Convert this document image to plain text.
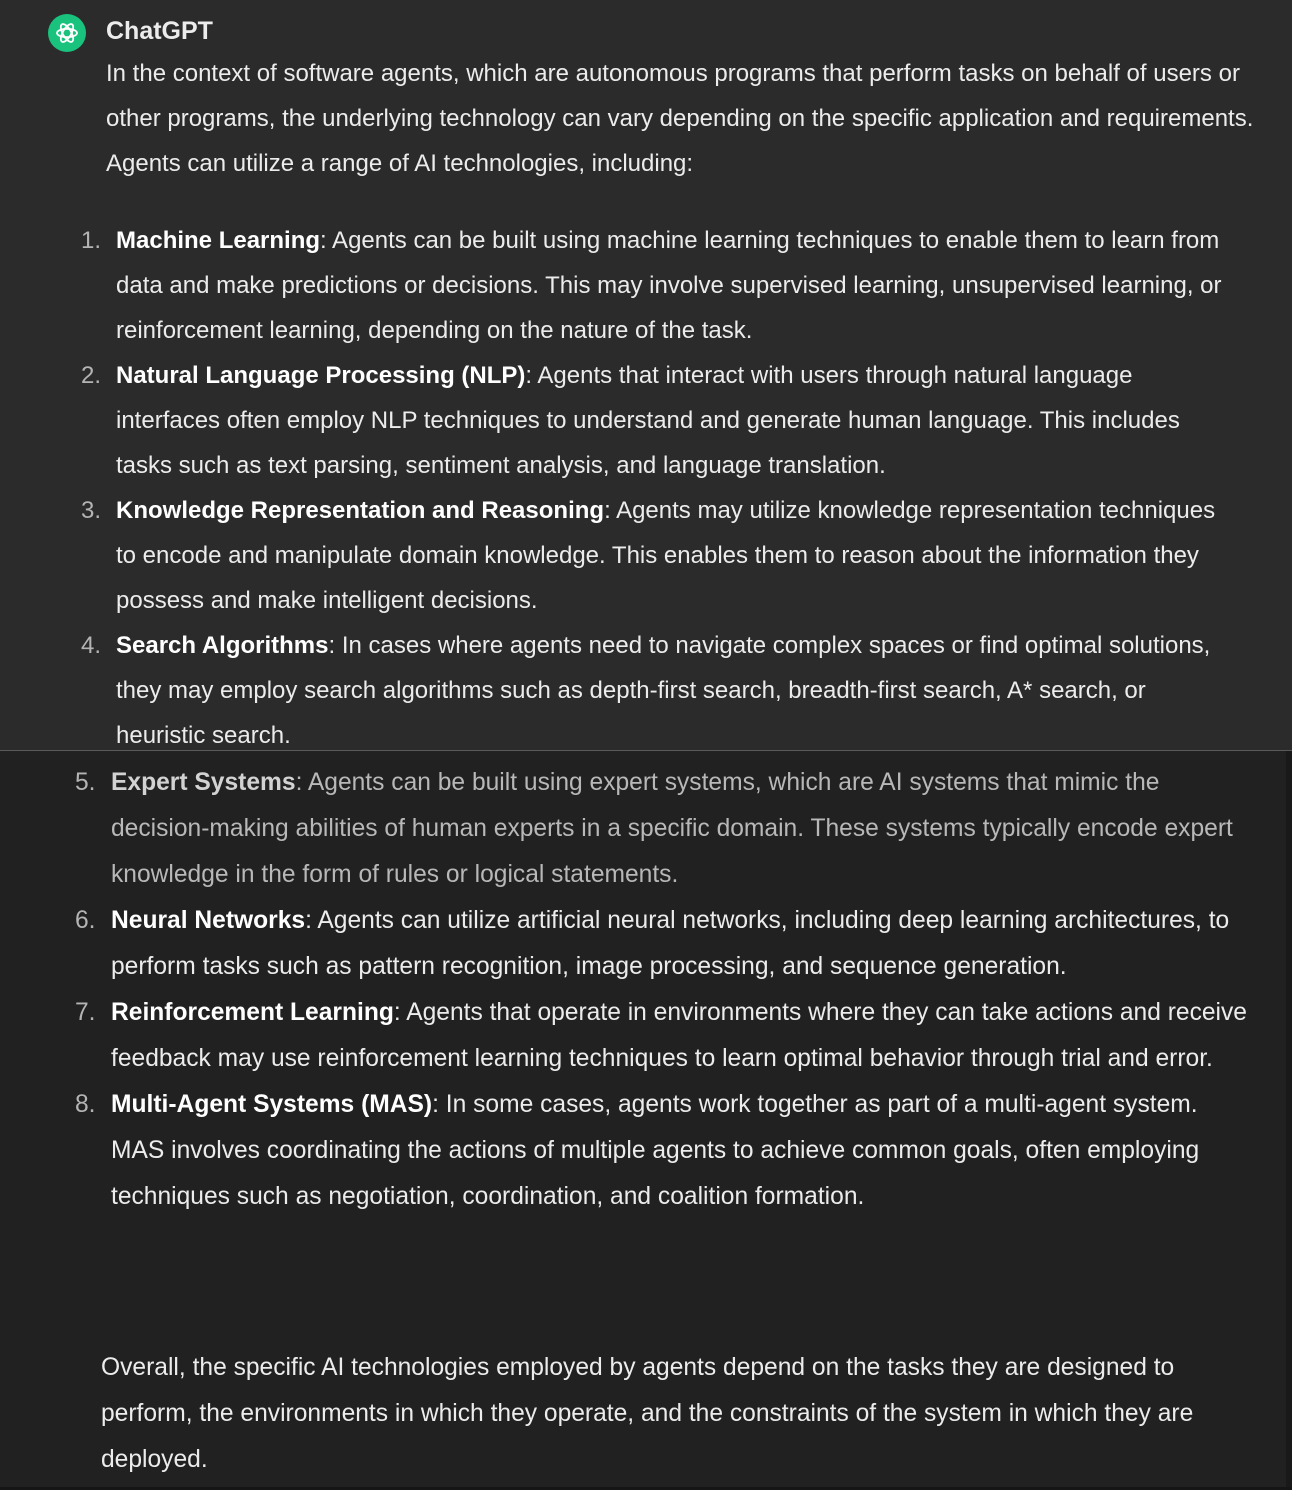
ChatGPT

In the context of software agents, which are autonomous programs that perform tasks on behalf of users or other programs, the underlying technology can vary depending on the specific application and requirements. Agents can utilize a range of AI technologies, including:

1. Machine Learning: Agents can be built using machine learning techniques to enable them to learn from data and make predictions or decisions. This may involve supervised learning, unsupervised learning, or reinforcement learning, depending on the nature of the task.
2. Natural Language Processing (NLP): Agents that interact with users through natural language interfaces often employ NLP techniques to understand and generate human language. This includes tasks such as text parsing, sentiment analysis, and language translation.
3. Knowledge Representation and Reasoning: Agents may utilize knowledge representation techniques to encode and manipulate domain knowledge. This enables them to reason about the information they possess and make intelligent decisions.
4. Search Algorithms: In cases where agents need to navigate complex spaces or find optimal solutions, they may employ search algorithms such as depth-first search, breadth-first search, A* search, or heuristic search.
5. Expert Systems: Agents can be built using expert systems, which are AI systems that mimic the decision-making abilities of human experts in a specific domain. These systems typically encode expert knowledge in the form of rules or logical statements.
6. Neural Networks: Agents can utilize artificial neural networks, including deep learning architectures, to perform tasks such as pattern recognition, image processing, and sequence generation.
7. Reinforcement Learning: Agents that operate in environments where they can take actions and receive feedback may use reinforcement learning techniques to learn optimal behavior through trial and error.
8. Multi-Agent Systems (MAS): In some cases, agents work together as part of a multi-agent system. MAS involves coordinating the actions of multiple agents to achieve common goals, often employing techniques such as negotiation, coordination, and coalition formation.

Overall, the specific AI technologies employed by agents depend on the tasks they are designed to perform, the environments in which they operate, and the constraints of the system in which they are deployed.
